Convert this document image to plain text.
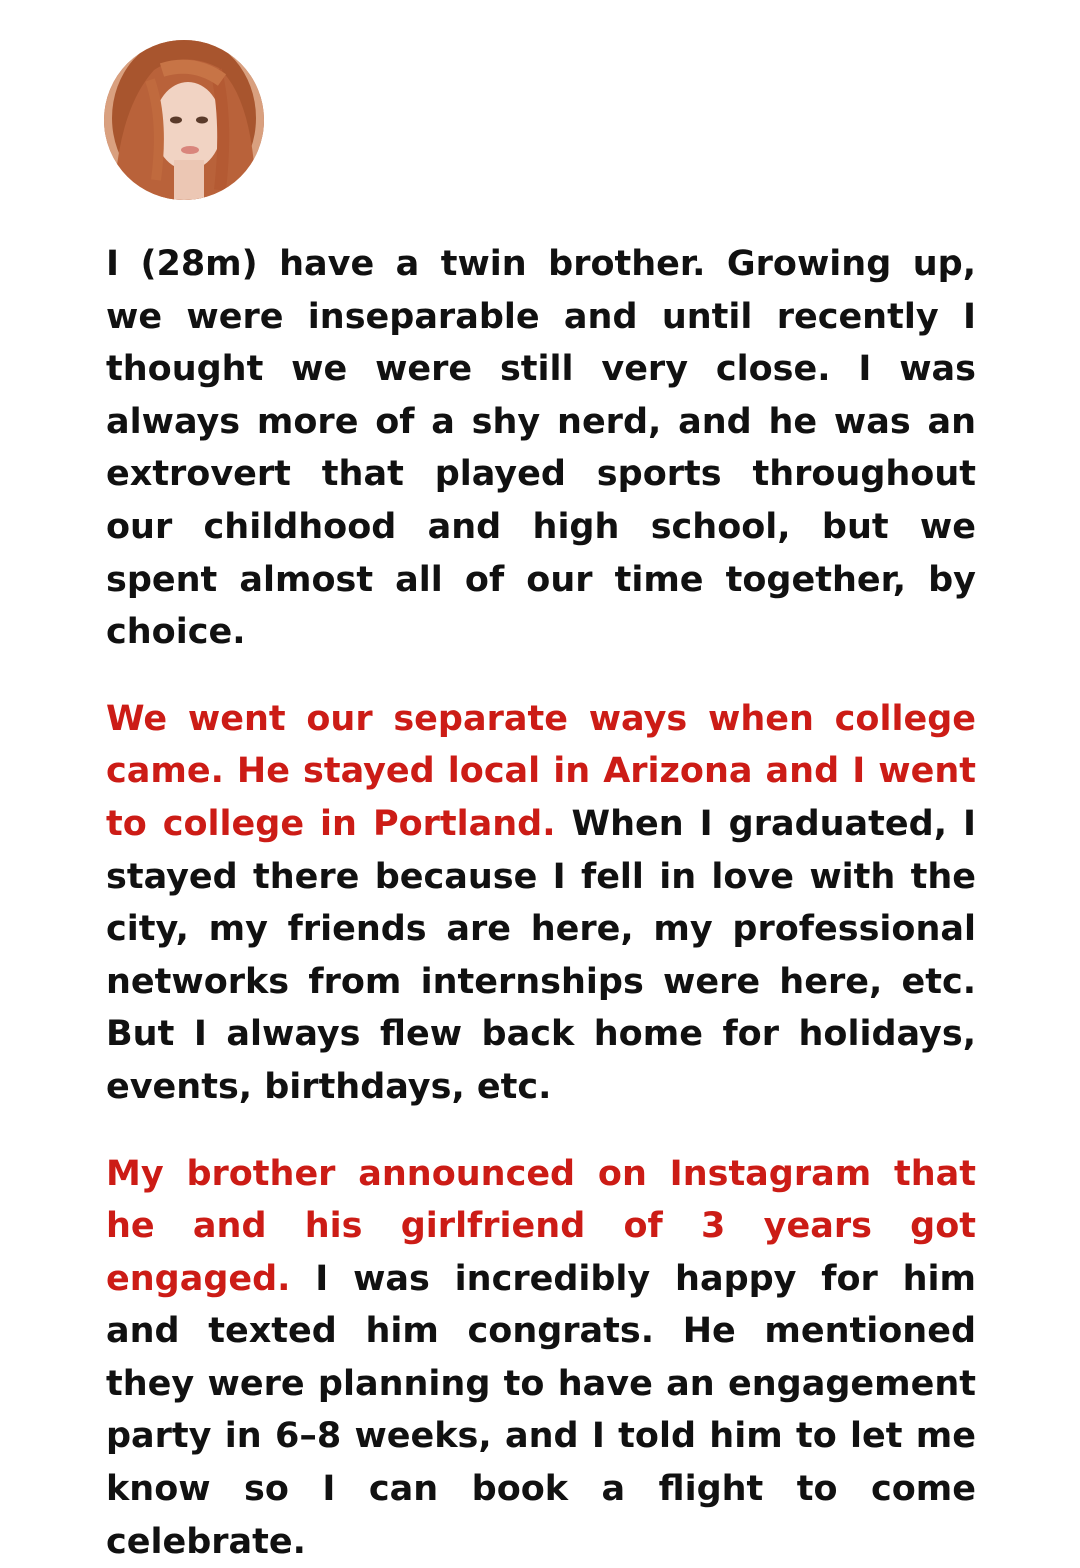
I (28m) have a twin brother. Growing up, we were inseparable and until recently I thought we were still very close. I was always more of a shy nerd, and he was an extrovert that played sports throughout our childhood and high school, but we spent almost all of our time together, by choice.

We went our separate ways when college came. He stayed local in Arizona and I went to college in Portland. When I graduated, I stayed there because I fell in love with the city, my friends are here, my professional networks from internships were here, etc. But I always flew back home for holidays, events, birthdays, etc.

My brother announced on Instagram that he and his girlfriend of 3 years got engaged. I was incredibly happy for him and texted him congrats. He mentioned they were planning to have an engagement party in 6–8 weeks, and I told him to let me know so I can book a flight to come celebrate.
